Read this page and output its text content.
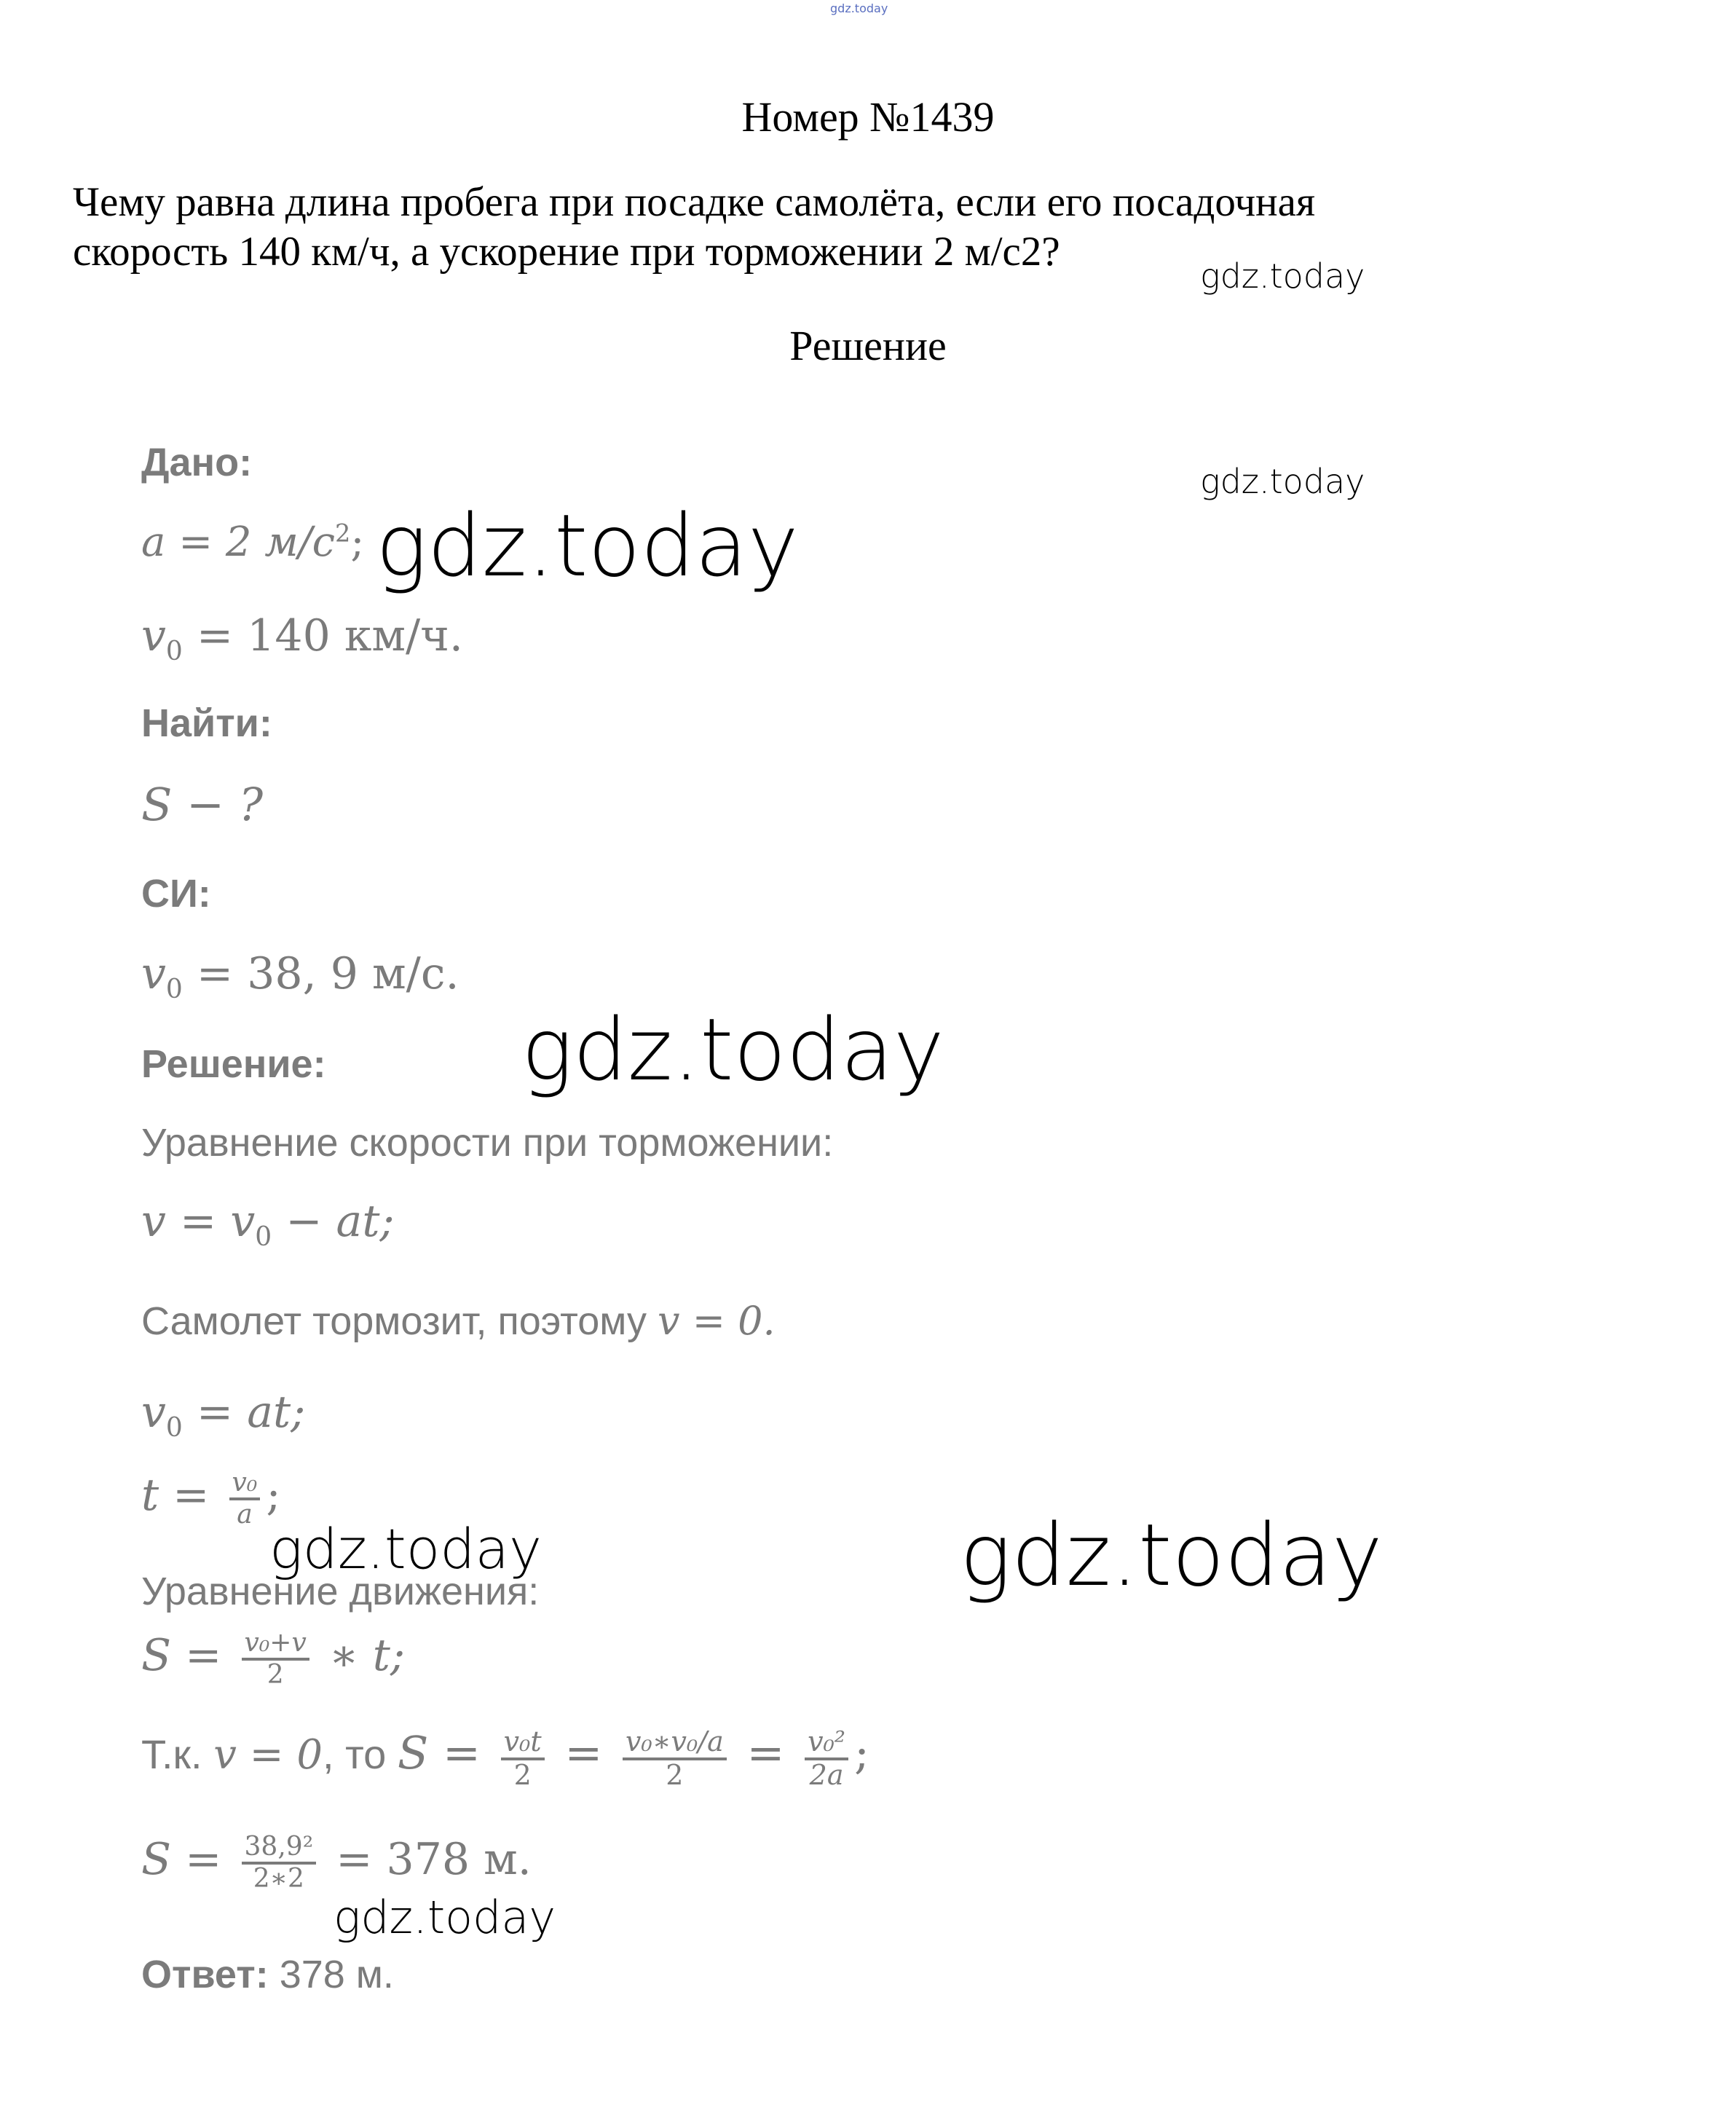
gdz.today
Номер №1439
Чему равна длина пробега при посадке самолёта, если его посадочная
скорость 140 км/ч, а ускорение при торможении 2 м/с2?
gdz.today
gdz.today
Решение
Дано:
a = 2 $м/с^2$;
$v_0 = 140$ км/ч.
Найти:
S − ?
СИ:
$v_0 = 38$, 9 м/с.
Решение:
Уравнение скорости при торможении:
$v = v_0$ − at;
Самолет тормозит, поэтому v = 0.
$v_0$ = at;
$t = \frac{\text{v₀}}{a}$ ;
Уравнение движения:
$S = \frac{\text{v₀+v}}{2}$ ∗ t;
Т.к. v = 0, то $S = \frac{\text{v₀t}}{2} = \frac{\text{v₀∗v₀/a}}{2} = \frac{\text{v₀²}}{2a}$ ;
$S = \frac{\text{38,9²}}{2∗2} = 378$ м.
Ответ: 378 м.
gdz.today
gdz.today
gdz.today	gdz.today
gdz.today
